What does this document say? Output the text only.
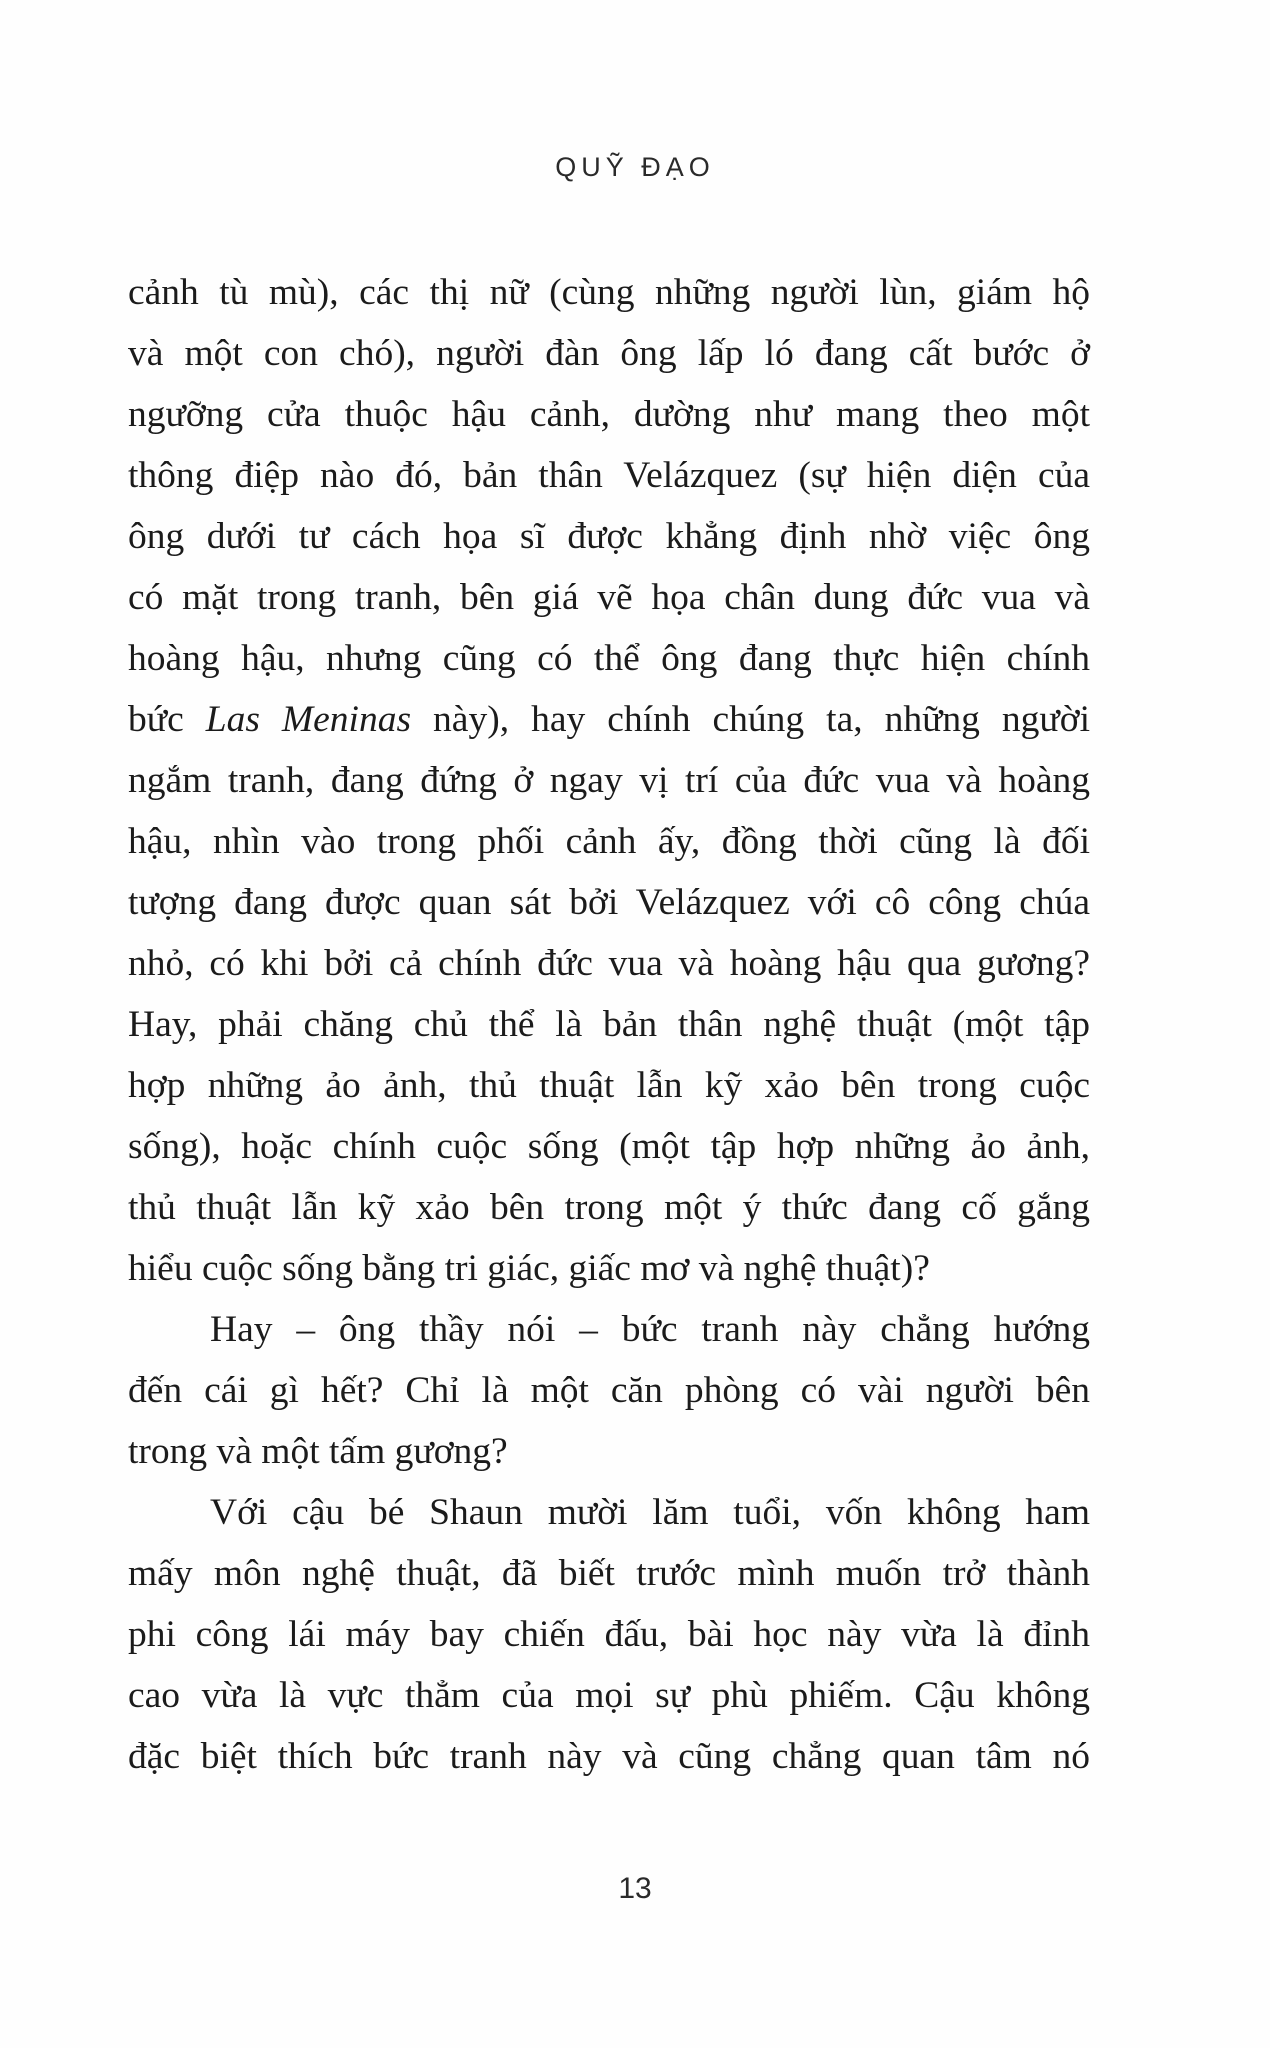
QUỸ ĐẠO
cảnh tù mù), các thị nữ (cùng những người lùn, giám hộ
và một con chó), người đàn ông lấp ló đang cất bước ở
ngưỡng cửa thuộc hậu cảnh, dường như mang theo một
thông điệp nào đó, bản thân Velázquez (sự hiện diện của
ông dưới tư cách họa sĩ được khẳng định nhờ việc ông
có mặt trong tranh, bên giá vẽ họa chân dung đức vua và
hoàng hậu, nhưng cũng có thể ông đang thực hiện chính
bức Las Meninas này), hay chính chúng ta, những người
ngắm tranh, đang đứng ở ngay vị trí của đức vua và hoàng
hậu, nhìn vào trong phối cảnh ấy, đồng thời cũng là đối
tượng đang được quan sát bởi Velázquez với cô công chúa
nhỏ, có khi bởi cả chính đức vua và hoàng hậu qua gương?
Hay, phải chăng chủ thể là bản thân nghệ thuật (một tập
hợp những ảo ảnh, thủ thuật lẫn kỹ xảo bên trong cuộc
sống), hoặc chính cuộc sống (một tập hợp những ảo ảnh,
thủ thuật lẫn kỹ xảo bên trong một ý thức đang cố gắng
hiểu cuộc sống bằng tri giác, giấc mơ và nghệ thuật)?
Hay – ông thầy nói – bức tranh này chẳng hướng
đến cái gì hết? Chỉ là một căn phòng có vài người bên
trong và một tấm gương?
Với cậu bé Shaun mười lăm tuổi, vốn không ham
mấy môn nghệ thuật, đã biết trước mình muốn trở thành
phi công lái máy bay chiến đấu, bài học này vừa là đỉnh
cao vừa là vực thẳm của mọi sự phù phiếm. Cậu không
đặc biệt thích bức tranh này và cũng chẳng quan tâm nó
13
